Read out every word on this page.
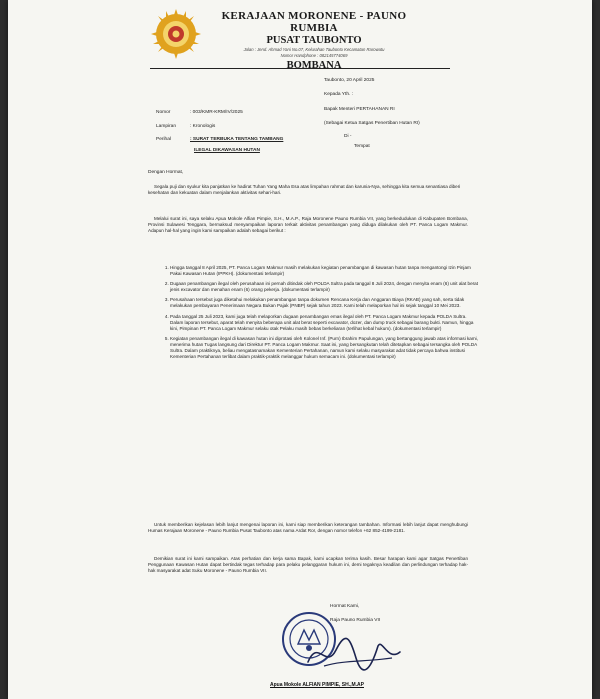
KERAJAAN MORONENE - PAUNO RUMBIA
PUSAT TAUBONTO
Jalan : Jend. Ahmad Yani No.07, Kelurahan Taubonto Kecamatan Rarowatu
Nomor Handphone : 082145774069
BOMBANA
Taubonto, 20 April 2025
Kepada Yth. :
Bapak Menteri PERTAHANAN RI
(Sebagai Ketua Satgas Penertiban Hutan RI)
Di -
Tempat
Nomor	: 003/KMR-KRM/IV/2025
Lampiran	: Kronologis
Perihal	: SURAT TERBUKA TENTANG TAMBANG
ILEGAL DIKAWASAN HUTAN
Dengan Hormat,

Segala puji dan syukur kita panjatkan ke hadirat Tuhan Yang Maha Esa atas limpahan rahmat dan karunia-Nya, sehingga kita semua senantiasa diberi kesehatan dan kekuatan dalam menjalankan aktivitas sehari-hari.

Melalui surat ini, saya selaku Apua Mokole Alfian Pimpie, S.H., M.A.P., Raja Moronene Pauno Rumbia VII, yang berkedudukan di Kabupaten Bombana, Provinsi Sulawesi Tenggara, bermaksud menyampaikan laporan terkait aktivitas penambangan yang diduga dilakukan oleh PT. Panca Logam Makmur. Adapun hal-hal yang ingin kami sampaikan adalah sebagai berikut :

1. Hingga tanggal 8 April 2025, PT. Panca Logam Makmur masih melakukan kegiatan penambangan di kawasan hutan tanpa mengantongi Izin Pinjam Pakai Kawasan Hutan (IPPKH). (dokumentasi terlampir)
2. Dugaan penambangan ilegal oleh perusahaan ini pernah ditindak oleh POLDA Sultra pada tanggal 8 Juli 2024, dengan menyita enam (6) unit alat berat jenis excavator dan menahan enam (6) orang pekerja. (dokumentasi terlampir)
3. Perusahaan tersebut juga diketahui melakukan penambangan tanpa dokumen Rencana Kerja dan Anggaran Biaya (RKAB) yang sah, serta tidak melakukan pembayaran Penerimaan Negara Bukan Pajak (PNBP) sejak tahun 2023. Kami telah melaporkan hal ini sejak tanggal 10 Mei 2023.
4. Pada tanggal 25 Juli 2023, kami juga telah melaporkan dugaan penambangan emas ilegal oleh PT. Panca Logam Makmur kepada POLDA Sultra. Dalam laporan tersebut, aparat telah menyita beberapa unit alat berat seperti excavator, dozer, dan dump truck sebagai barang bukti. Namun, hingga kini, Pimpinan PT. Panca Logam Makmur selaku otak Pelaku masih bebas berkeliaran (terlihat kebal hukum). (dokumentasi terlampir)
5. Kegiatan penambangan ilegal di kawasan hutan ini diprotasi oleh Kolonel Inf. (Purn) Ibrahim Papulungan, yang bertanggung jawab atas informasi kami, menerima hutan Tugas langsung dari Direktur PT. Panca Logam Makmur. Saat ini, yang bersangkutan telah ditetapkan sebagai tersangka oleh POLDA Sultra. Dalam praktiknya, beliau mengatasnamakan Kementerian Pertahanan, namun kami selaku masyarakat adat tidak percaya bahwa institusi Kementerian Pertahanan terlibat dalam praktik-praktik melanggar hukum semacam ini. (dokumentasi terlampir)

Untuk memberikan kejelasan lebih lanjut mengenai laporan ini, kami siap memberikan keterangan tambahan. Informasi lebih lanjut dapat menghubungi Humas Kerajaan Moronene - Pauno Rumbia Pusat Taubonto atas nama Ardat Ror, dengan nomor telefon +62 852-4199-2181.

Demikian surat ini kami sampaikan. Atas perhatian dan kerja sama Bapak, kami ucapkan terima kasih. Besar harapan kami agar Satgas Penertiban Penggunaan Kawasan Hutan dapat bertindak tegas terhadap para pelaku pelanggaran hukum ini, demi tegaknya keadilan dan perlindungan terhadap hak-hak masyarakat adat Suku Moronene - Pauno Rumbia VII.

Hormat Kami,
Raja Pauno Rumbia VII
Apua Mokole ALFIAN PIMPIE, SH.,M.AP
